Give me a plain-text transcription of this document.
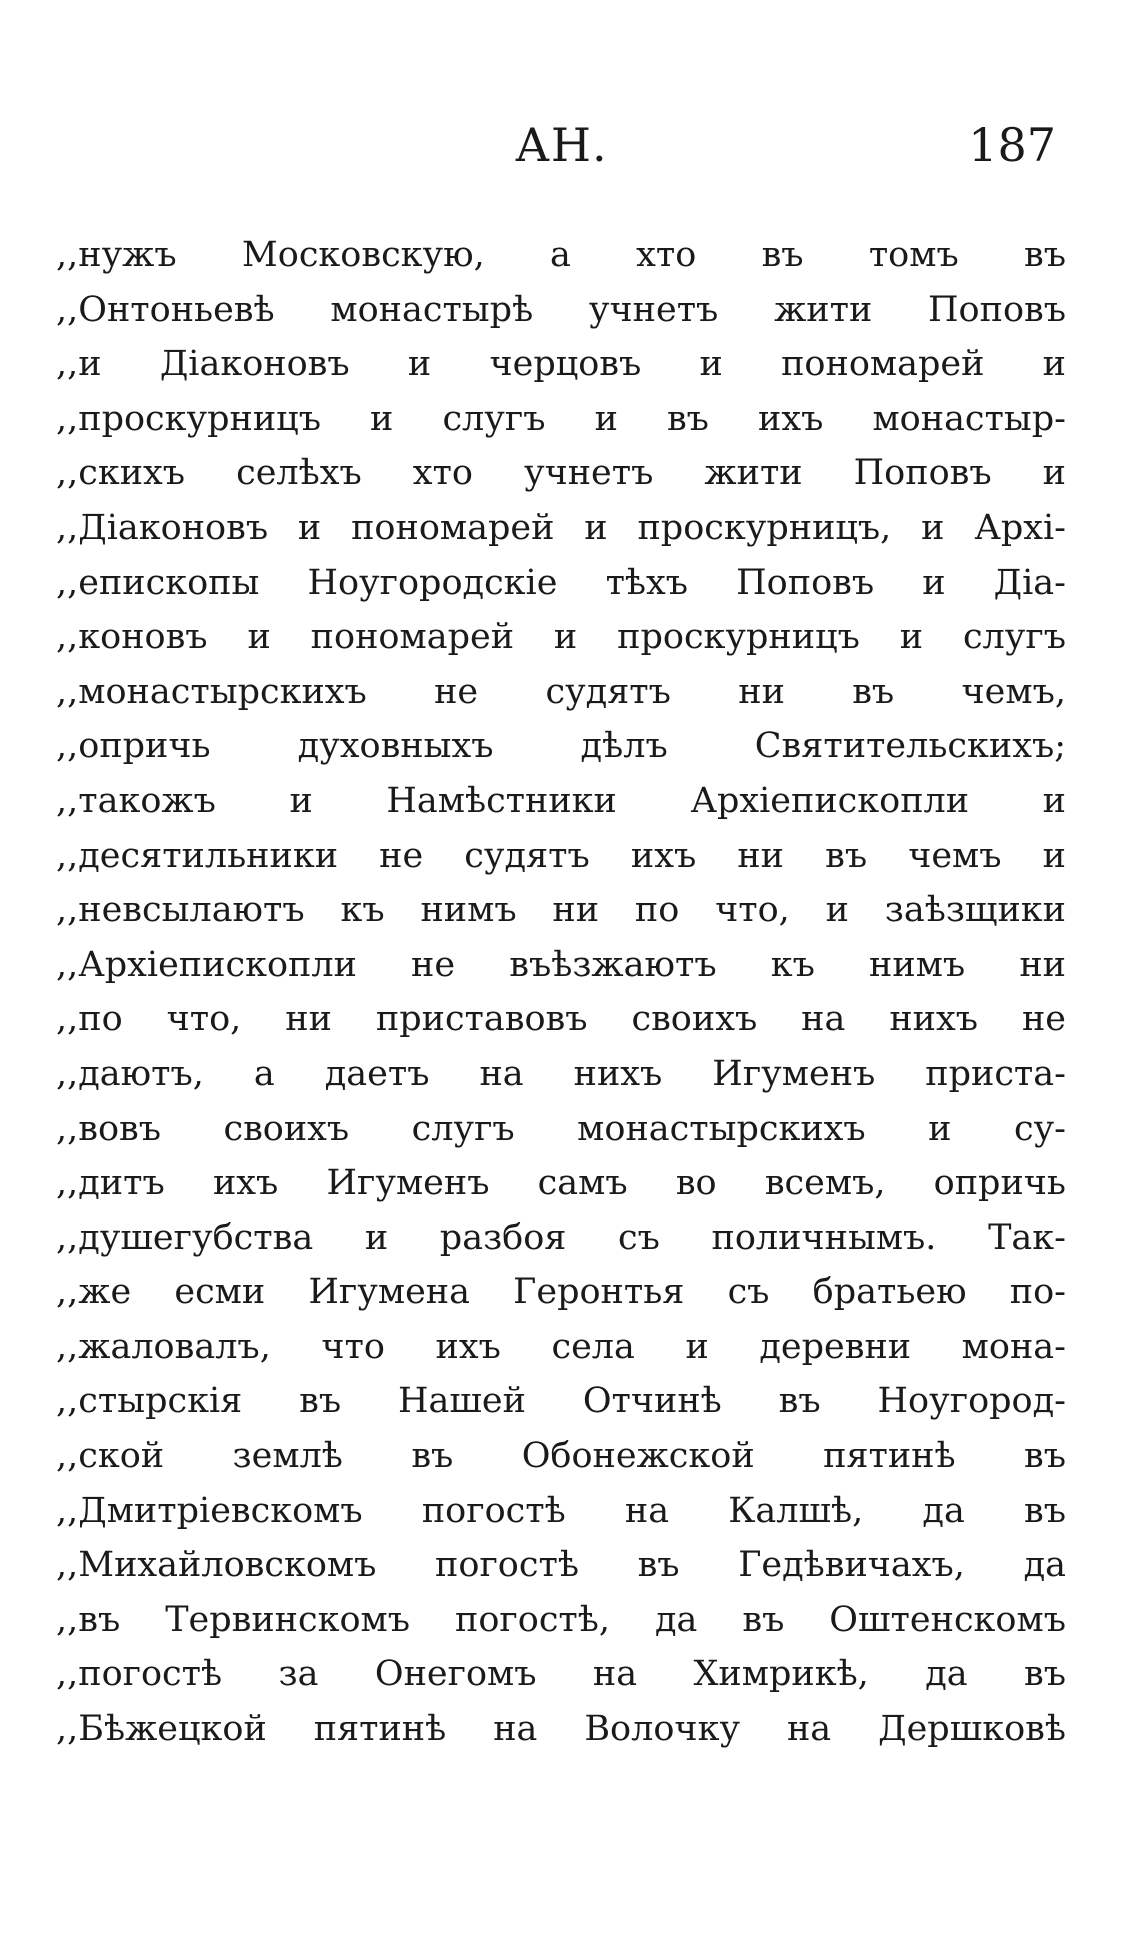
АН.	187
,,нужъ Московскую, а хто въ томъ въ
,,Онтоньевѣ монастырѣ учнетъ жити Поповъ
,,и Діаконовъ и черцовъ и пономарей и
,,проскурницъ и слугъ и въ ихъ монастыр-
,,скихъ селѣхъ хто учнетъ жити Поповъ и
,,Діаконовъ и пономарей и проскурницъ, и Архі-
,,епископы Ноугородскіе тѣхъ Поповъ и Діа-
,,коновъ и пономарей и проскурницъ и слугъ
,,монастырскихъ не судятъ ни въ чемъ,
,,опричь духовныхъ дѣлъ Святительскихъ;
,,такожъ и Намѣстники Архіепископли и
,,десятильники не судятъ ихъ ни въ чемъ и
,,невсылаютъ къ нимъ ни по что, и заѣзщики
,,Архіепископли не въѣзжаютъ къ нимъ ни
,,по что, ни приставовъ своихъ на нихъ не
,,даютъ, а даетъ на нихъ Игуменъ приста-
,,вовъ своихъ слугъ монастырскихъ и су-
,,дитъ ихъ Игуменъ самъ во всемъ, опричь
,,душегубства и разбоя съ поличнымъ. Так-
,,же есми Игумена Геронтья съ братьею по-
,,жаловалъ, что ихъ села и деревни мона-
,,стырскія въ Нашей Отчинѣ въ Ноугород-
,,ской землѣ въ Обонежской пятинѣ въ
,,Дмитріевскомъ погостѣ на Калшѣ, да въ
,,Михайловскомъ погостѣ въ Гедѣвичахъ, да
,,въ Тервинскомъ погостѣ, да въ Оштенскомъ
,,погостѣ за Онегомъ на Химрикѣ, да въ
,,Бѣжецкой пятинѣ на Волочку на Дершковѣ
